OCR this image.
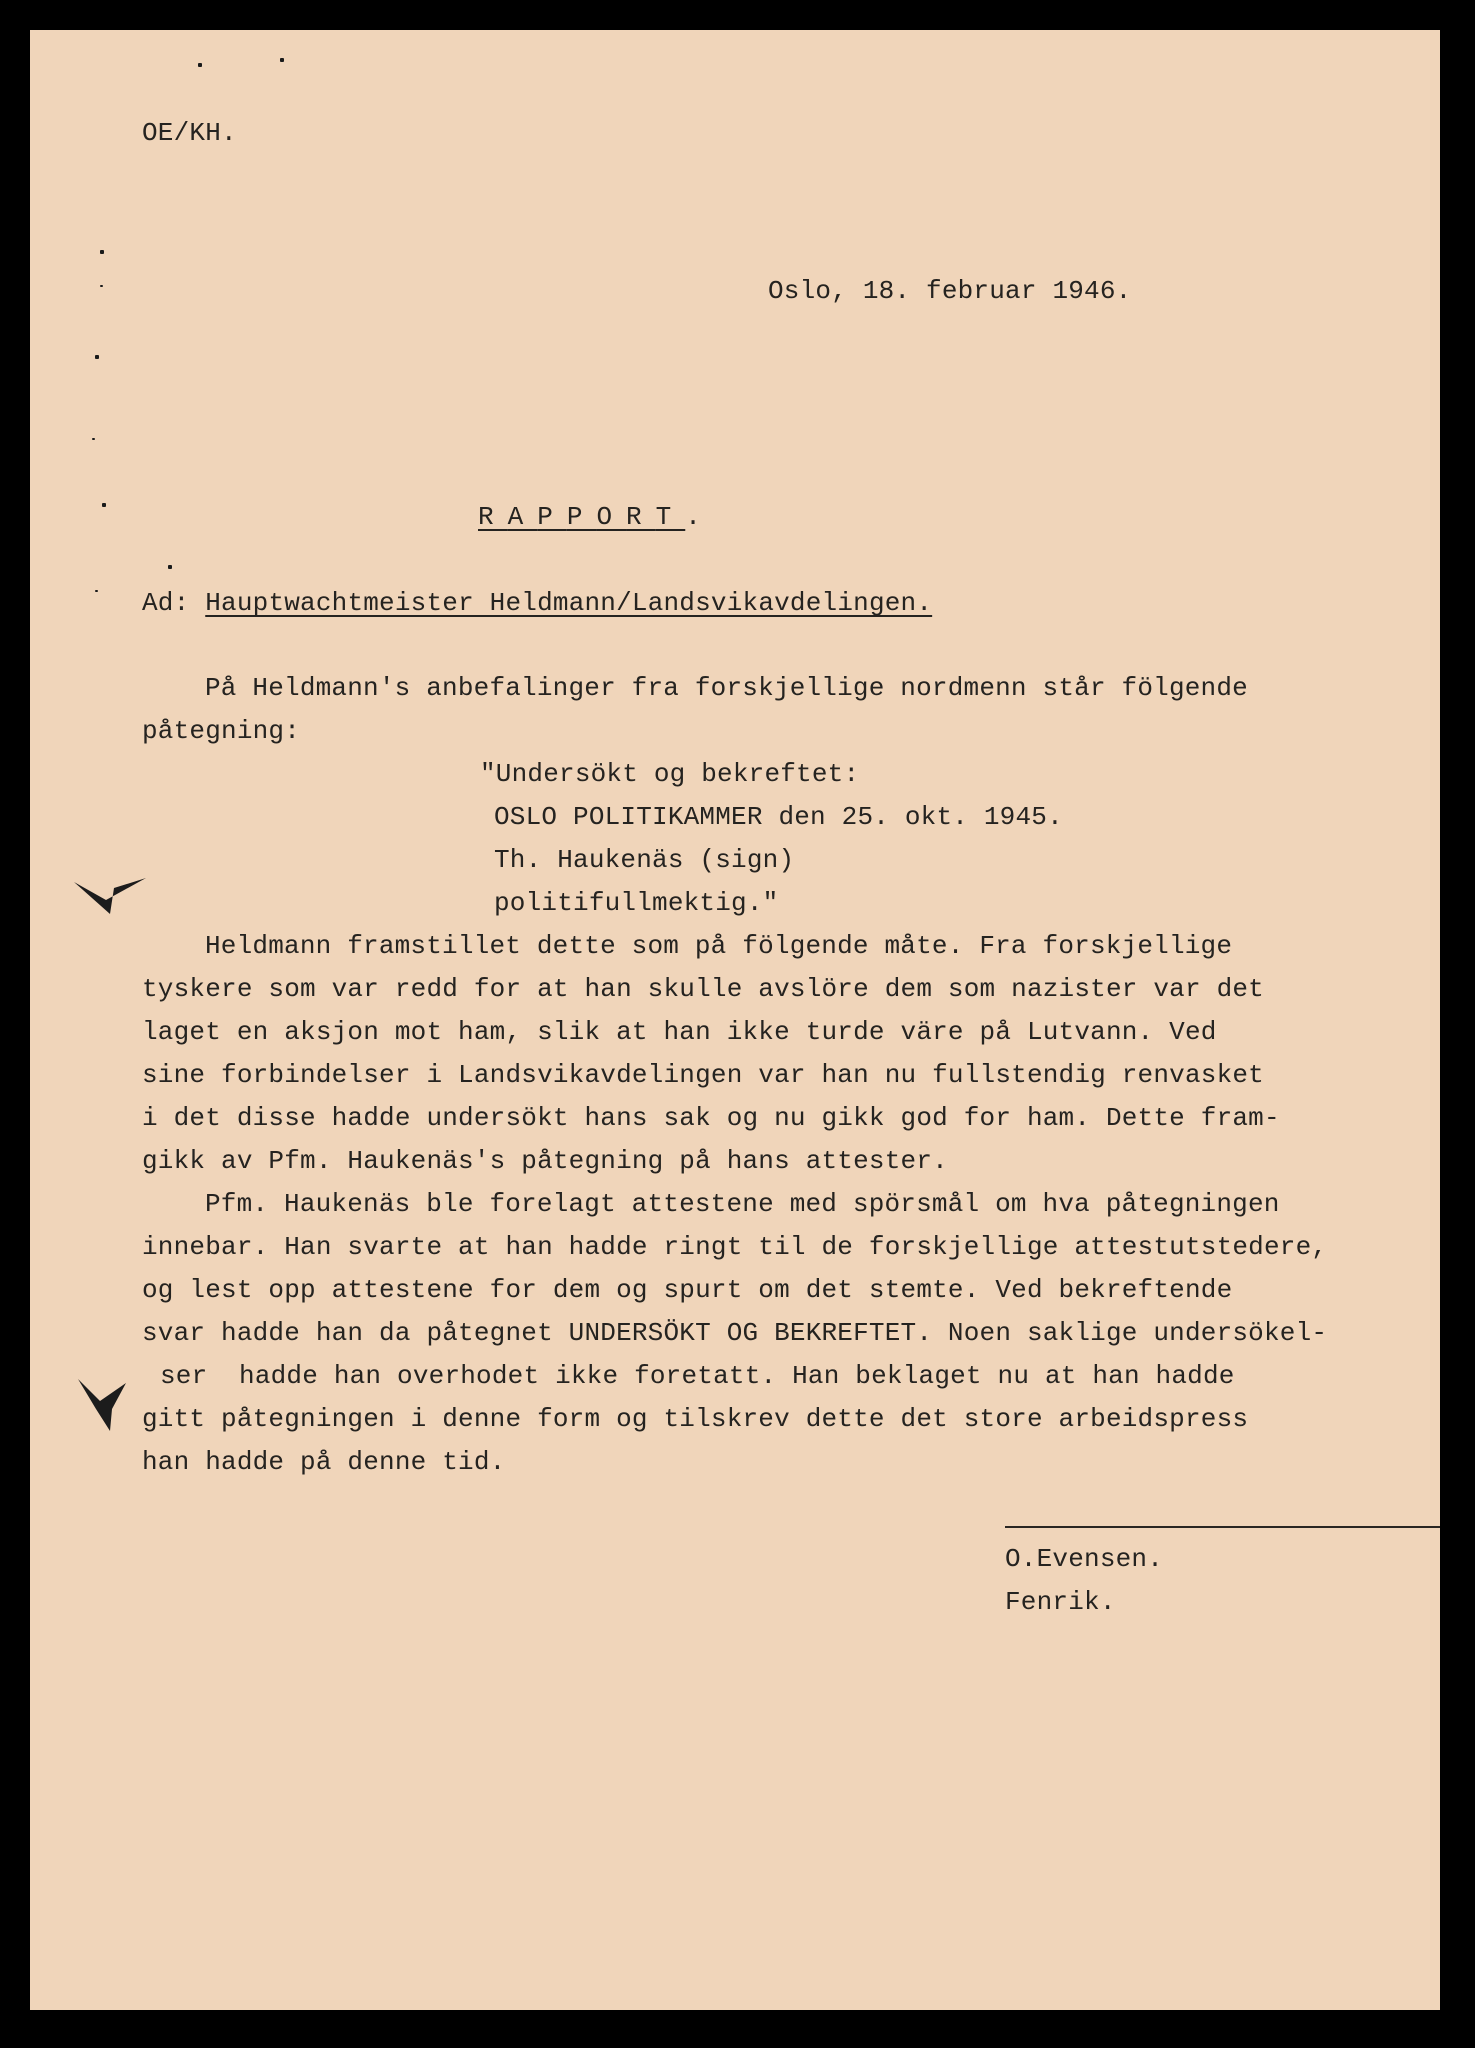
OE/KH.
Oslo, 18. februar 1946.
RAPPORT.
Ad: Hauptwachtmeister Heldmann/Landsvikavdelingen.
På Heldmann's anbefalinger fra forskjellige nordmenn står fölgende
påtegning:
"Undersökt og bekreftet:
OSLO POLITIKAMMER den 25. okt. 1945.
Th. Haukenäs (sign)
politifullmektig."
Heldmann framstillet dette som på fölgende måte. Fra forskjellige
tyskere som var redd for at han skulle avslöre dem som nazister var det
laget en aksjon mot ham, slik at han ikke turde väre på Lutvann. Ved
sine forbindelser i Landsvikavdelingen var han nu fullstendig renvasket
i det disse hadde undersökt hans sak og nu gikk god for ham. Dette fram-
gikk av Pfm. Haukenäs's påtegning på hans attester.
Pfm. Haukenäs ble forelagt attestene med spörsmål om hva påtegningen
innebar. Han svarte at han hadde ringt til de forskjellige attestutstedere,
og lest opp attestene for dem og spurt om det stemte. Ved bekreftende
svar hadde han da påtegnet UNDERSÖKT OG BEKREFTET. Noen saklige undersökel-
ser  hadde han overhodet ikke foretatt. Han beklaget nu at han hadde
gitt påtegningen i denne form og tilskrev dette det store arbeidspress
han hadde på denne tid.
O.Evensen.
Fenrik.
